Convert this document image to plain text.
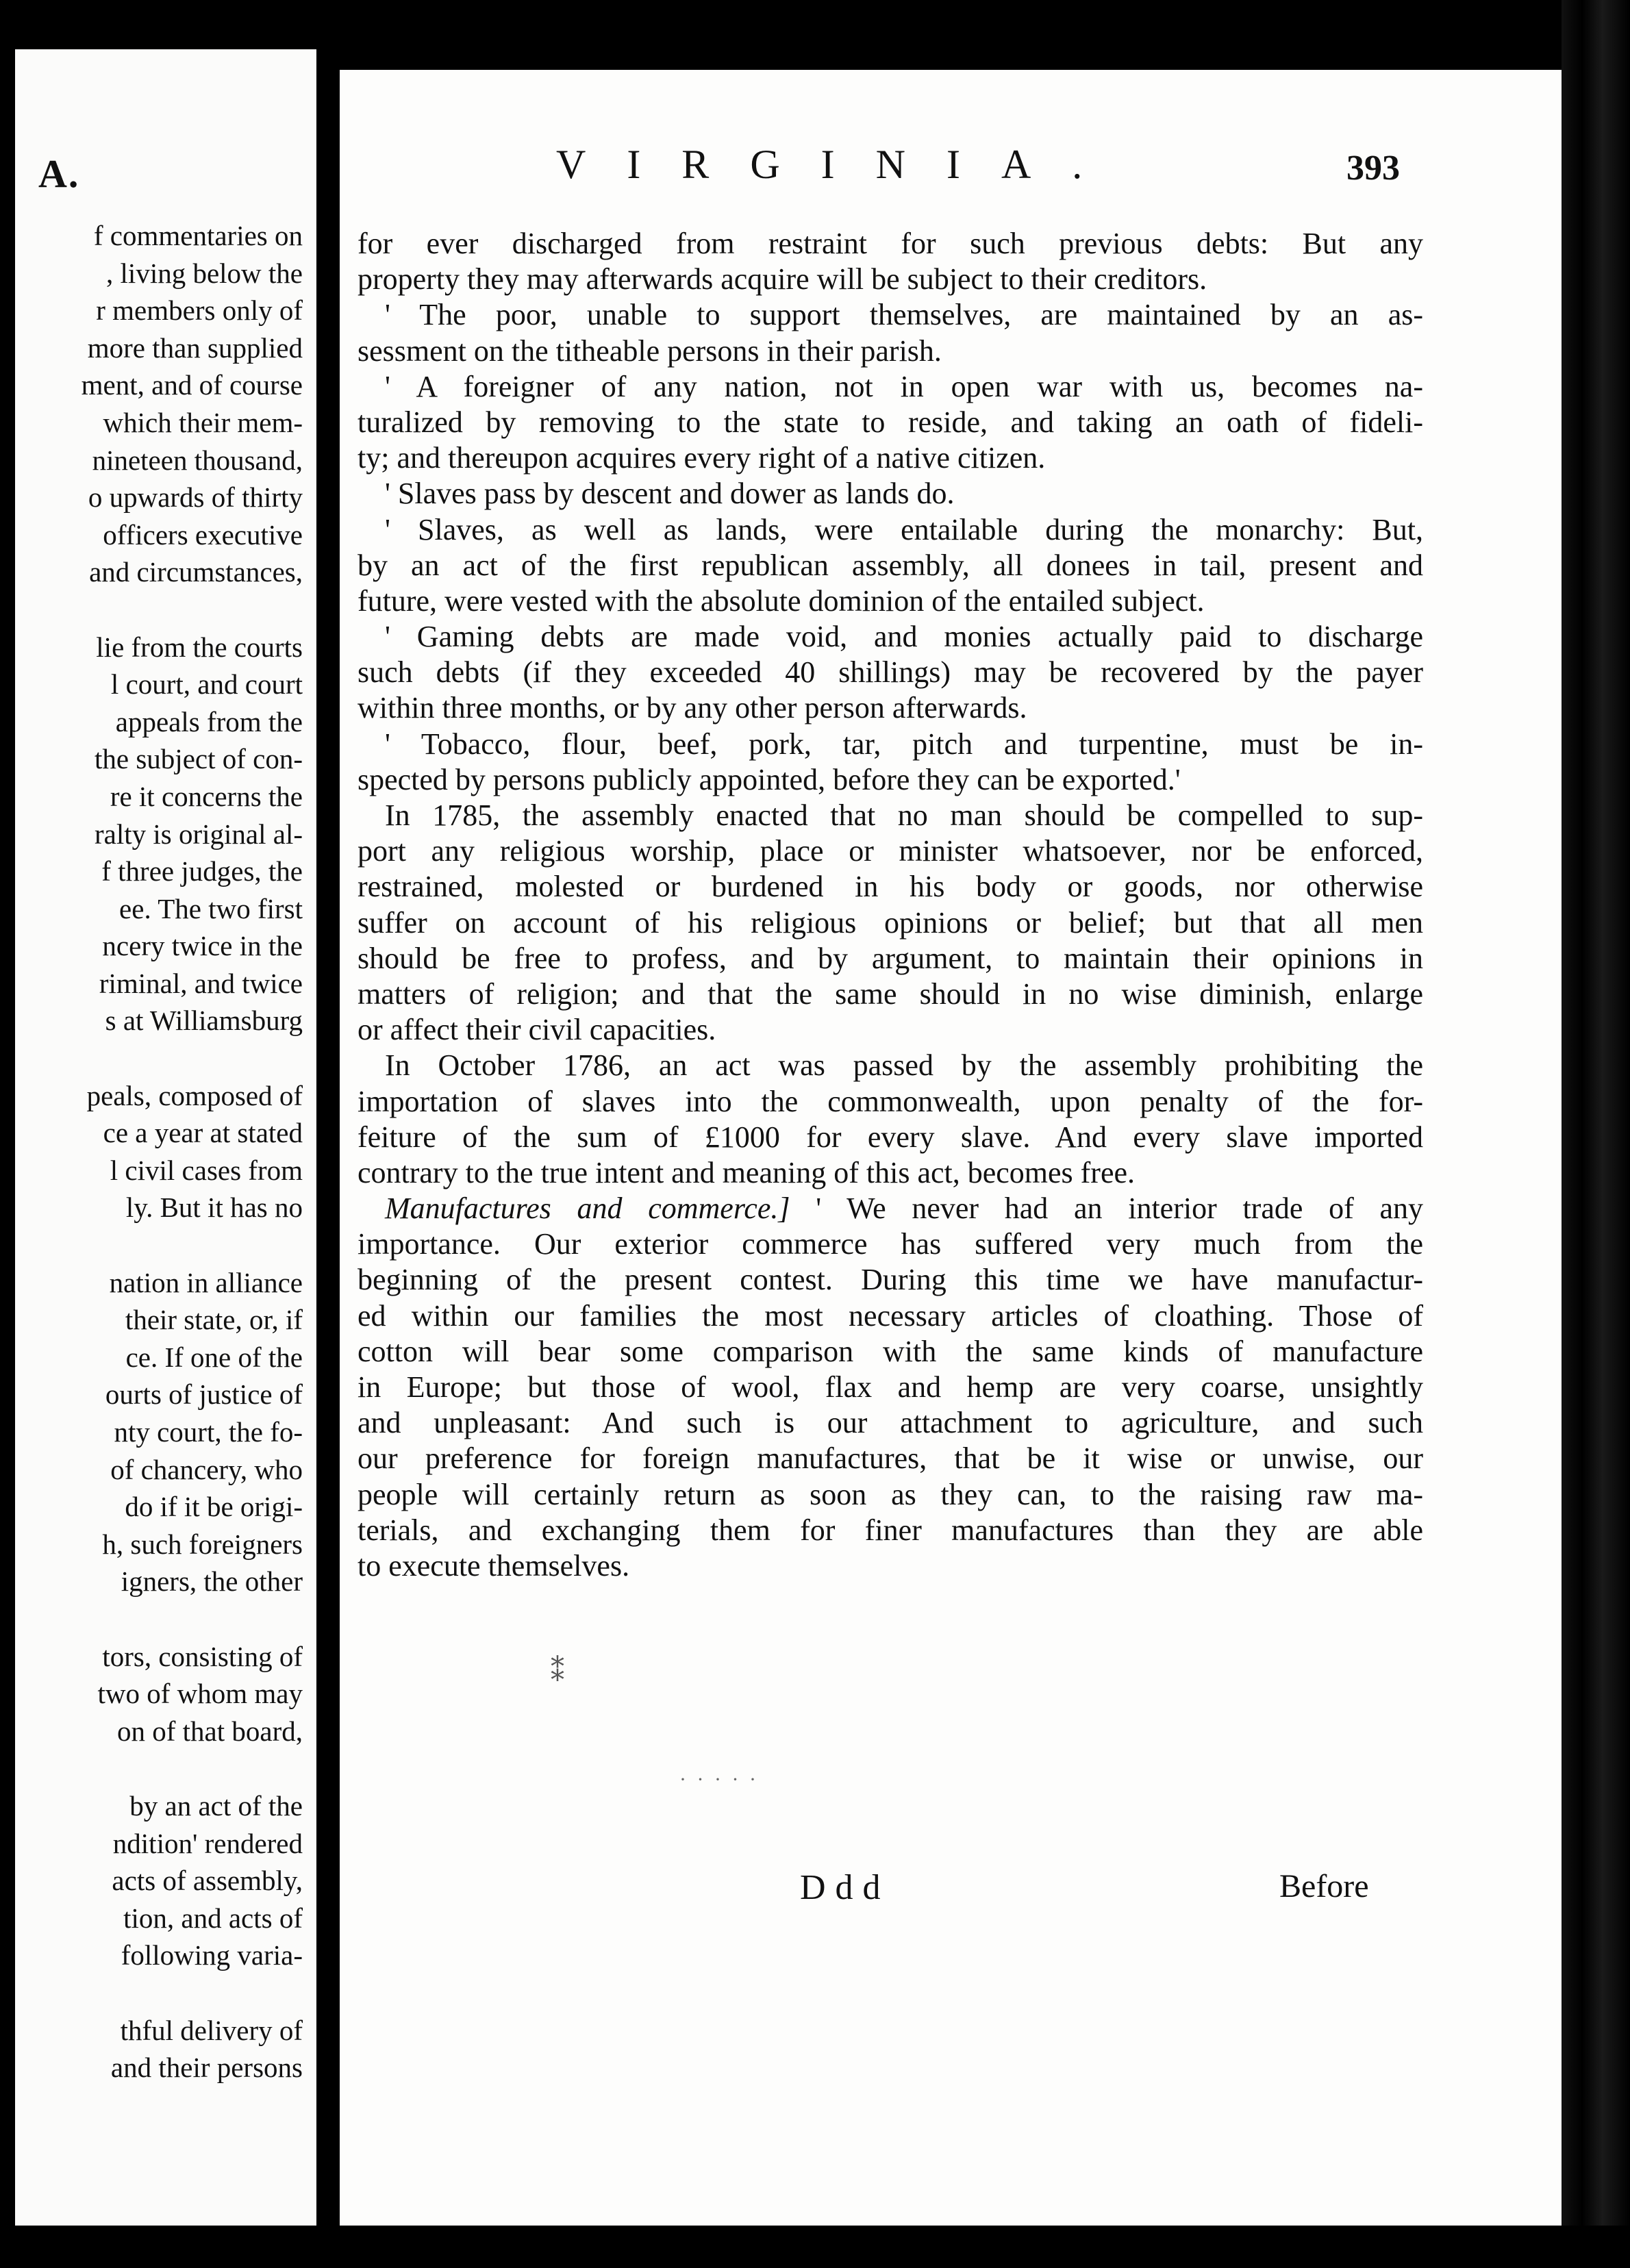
A.
f commentaries on
, living below the
r members only of
more than supplied
ment, and of course
which their mem-
nineteen thousand,
o upwards of thirty
officers executive
and circumstances,
lie from the courts
l court, and court
appeals from the
the subject of con-
re it concerns the
ralty is original al-
f three judges, the
ee. The two first
ncery twice in the
riminal, and twice
s at Williamsburg
peals, composed of
ce a year at stated
l civil cases from
ly. But it has no
nation in alliance
their state, or, if
ce. If one of the
ourts of justice of
nty court, the fo-
of chancery, who
do if it be origi-
h, such foreigners
igners, the other
tors, consisting of
two of whom may
on of that board,
by an act of the
ndition' rendered
acts of assembly,
tion, and acts of
following varia-
thful delivery of
and their persons
VIRGINIA.	393
for ever discharged from restraint for such previous debts: But any
property they may afterwards acquire will be subject to their creditors.
' The poor, unable to support themselves, are maintained by an as-
sessment on the titheable persons in their parish.
' A foreigner of any nation, not in open war with us, becomes na-
turalized by removing to the state to reside, and taking an oath of fideli-
ty; and thereupon acquires every right of a native citizen.
' Slaves pass by descent and dower as lands do.
' Slaves, as well as lands, were entailable during the monarchy: But,
by an act of the first republican assembly, all donees in tail, present and
future, were vested with the absolute dominion of the entailed subject.
' Gaming debts are made void, and monies actually paid to discharge
such debts (if they exceeded 40 shillings) may be recovered by the payer
within three months, or by any other person afterwards.
' Tobacco, flour, beef, pork, tar, pitch and turpentine, must be in-
spected by persons publicly appointed, before they can be exported.'
In 1785, the assembly enacted that no man should be compelled to sup-
port any religious worship, place or minister whatsoever, nor be enforced,
restrained, molested or burdened in his body or goods, nor otherwise
suffer on account of his religious opinions or belief; but that all men
should be free to profess, and by argument, to maintain their opinions in
matters of religion; and that the same should in no wise diminish, enlarge
or affect their civil capacities.
In October 1786, an act was passed by the assembly prohibiting the
importation of slaves into the commonwealth, upon penalty of the for-
feiture of the sum of £1000 for every slave. And every slave imported
contrary to the true intent and meaning of this act, becomes free.
Manufactures and commerce.] ' We never had an interior trade of any
importance. Our exterior commerce has suffered very much from the
beginning of the present contest. During this time we have manufactur-
ed within our families the most necessary articles of cloathing. Those of
cotton will bear some comparison with the same kinds of manufacture
in Europe; but those of wool, flax and hemp are very coarse, unsightly
and unpleasant: And such is our attachment to agriculture, and such
our preference for foreign manufactures, that be it wise or unwise, our
people will certainly return as soon as they can, to the raising raw ma-
terials, and exchanging them for finer manufactures than they are able
to execute themselves.
⁑
· · · · ·
Ddd	Before
